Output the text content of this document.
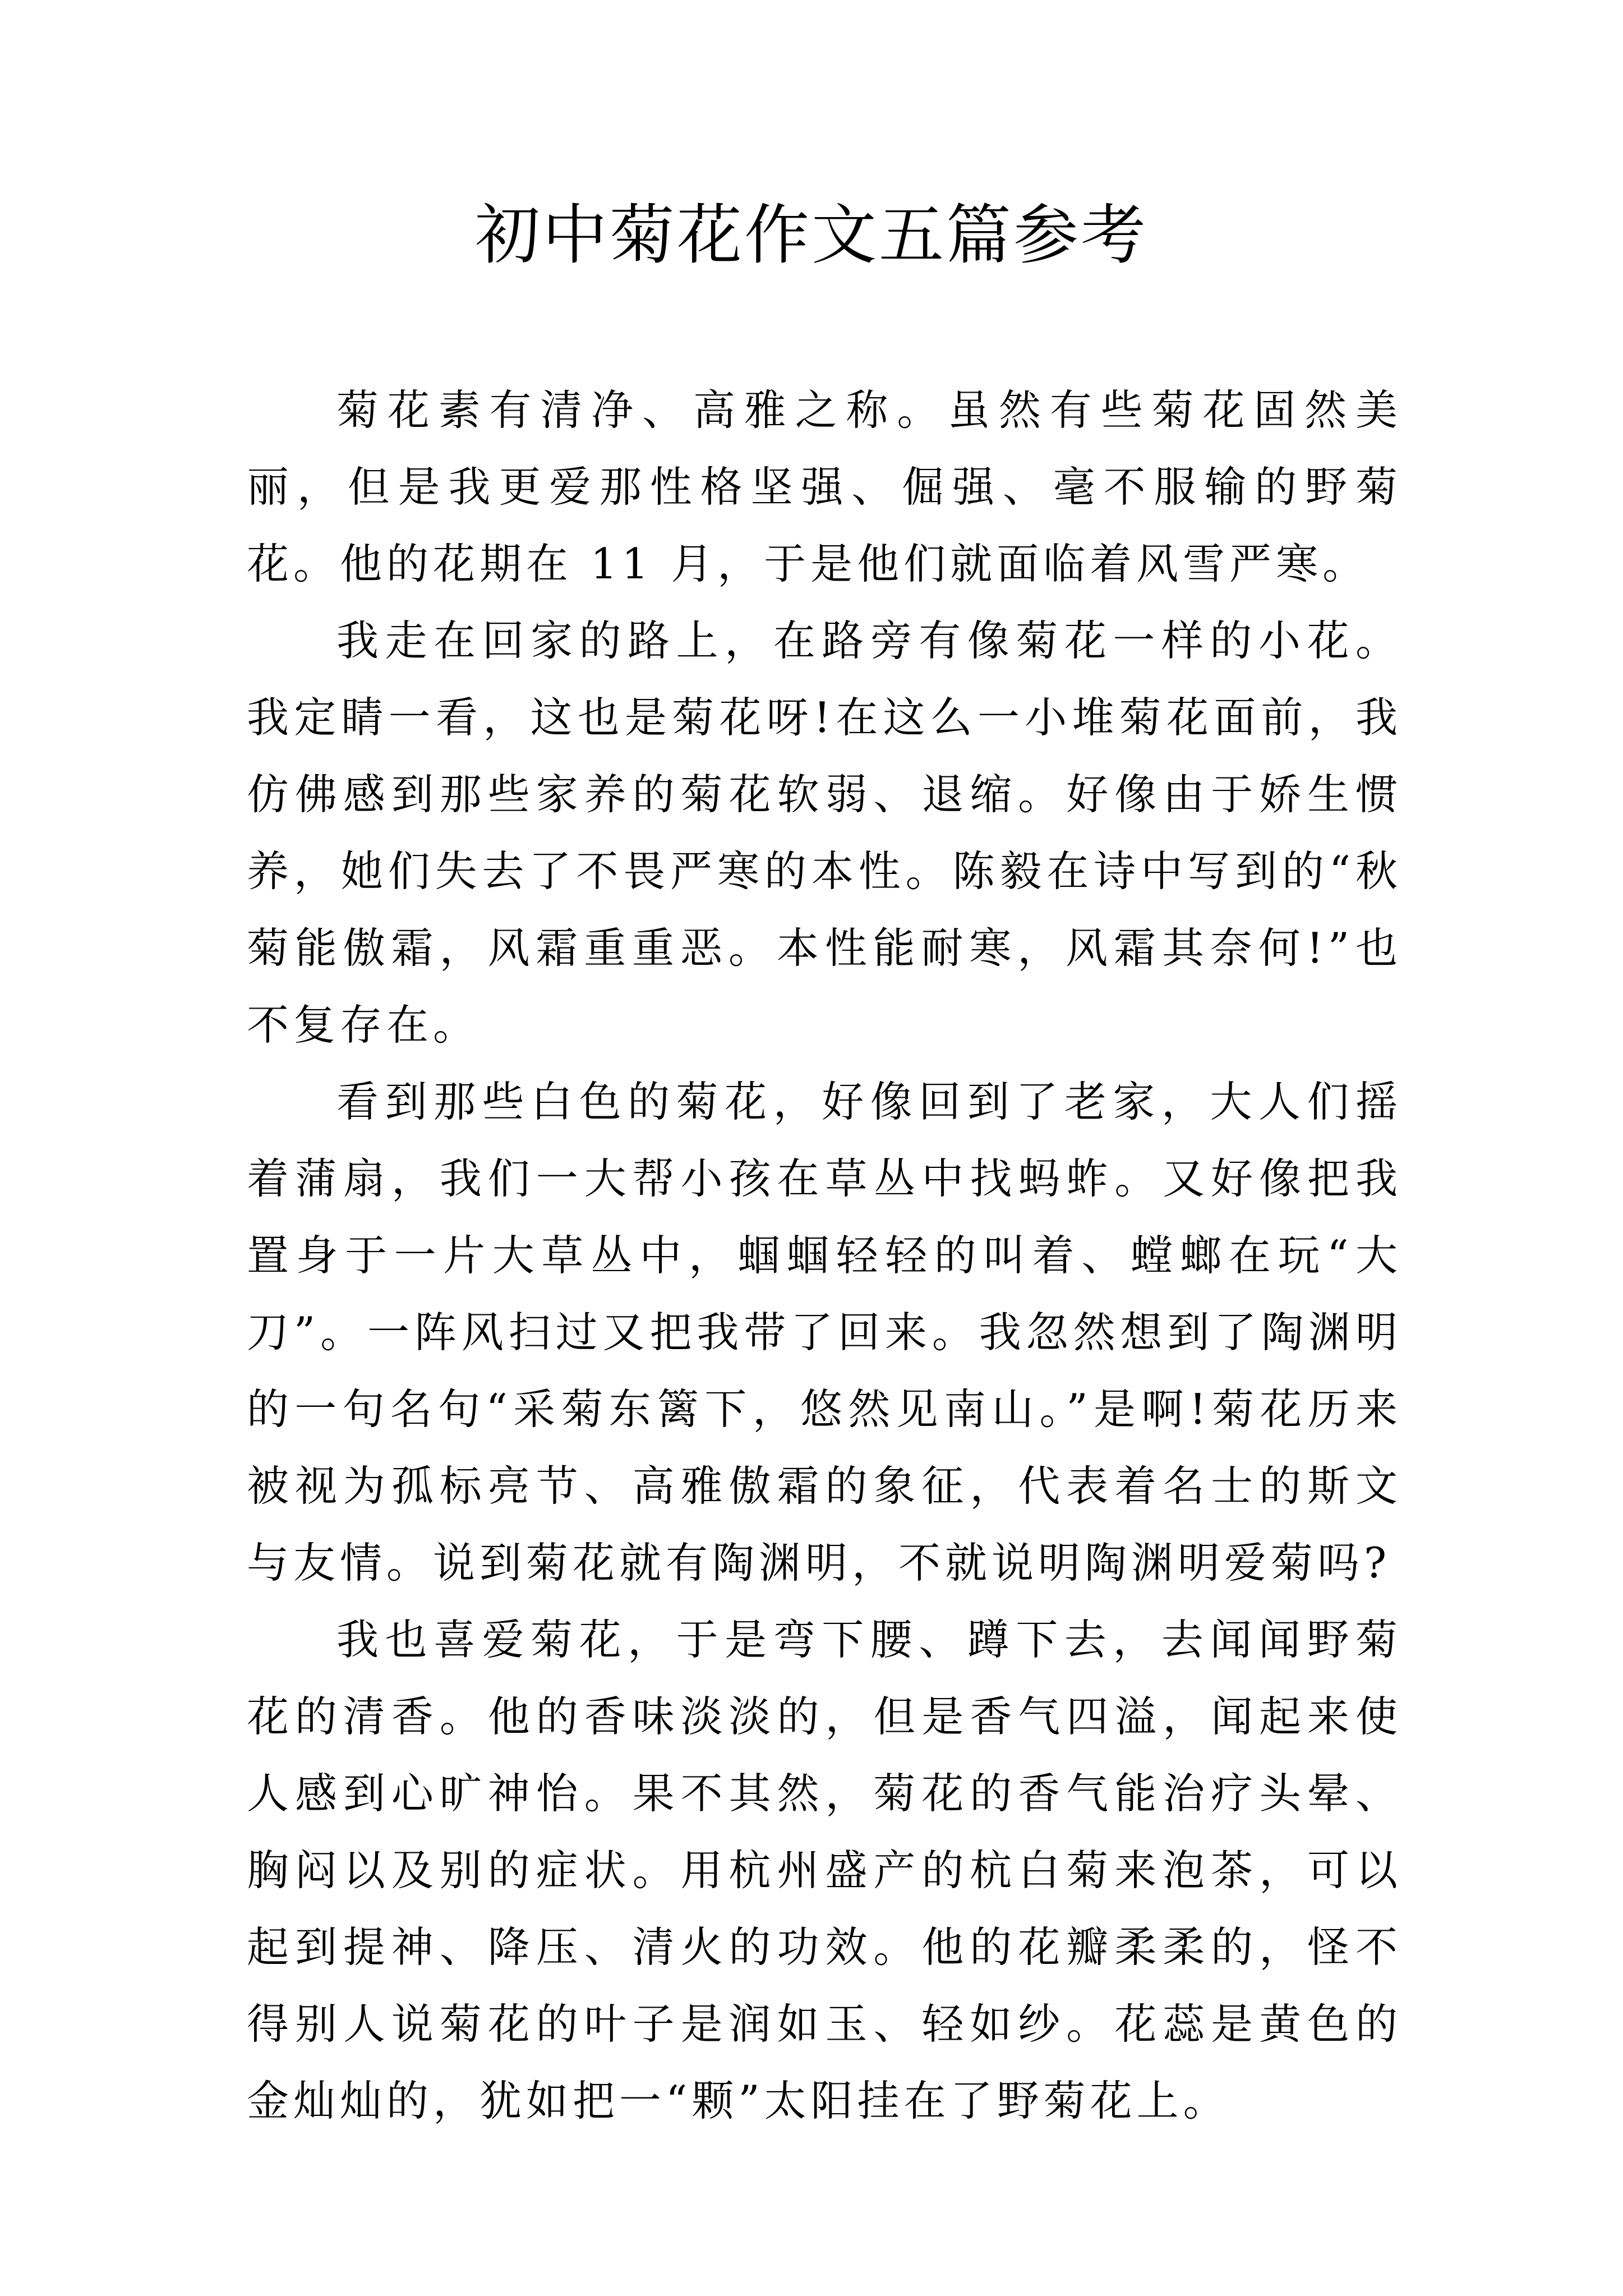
初中菊花作文五篇参考

菊花素有清净、高雅之称。虽然有些菊花固然美丽，但是我更爱那性格坚强、倔强、毫不服输的野菊花。他的花期在 11 月，于是他们就面临着风雪严寒。

我走在回家的路上，在路旁有像菊花一样的小花。我定睛一看，这也是菊花呀!在这么一小堆菊花面前，我仿佛感到那些家养的菊花软弱、退缩。好像由于娇生惯养，她们失去了不畏严寒的本性。陈毅在诗中写到的“秋菊能傲霜，风霜重重恶。本性能耐寒，风霜其奈何!”也不复存在。

看到那些白色的菊花，好像回到了老家，大人们摇着蒲扇，我们一大帮小孩在草丛中找蚂蚱。又好像把我置身于一片大草丛中，蝈蝈轻轻的叫着、螳螂在玩“大刀”。一阵风扫过又把我带了回来。我忽然想到了陶渊明的一句名句“采菊东篱下，悠然见南山。”是啊!菊花历来被视为孤标亮节、高雅傲霜的象征，代表着名士的斯文与友情。说到菊花就有陶渊明，不就说明陶渊明爱菊吗?

我也喜爱菊花，于是弯下腰、蹲下去，去闻闻野菊花的清香。他的香味淡淡的，但是香气四溢，闻起来使人感到心旷神怡。果不其然，菊花的香气能治疗头晕、胸闷以及别的症状。用杭州盛产的杭白菊来泡茶，可以起到提神、降压、清火的功效。他的花瓣柔柔的，怪不得别人说菊花的叶子是润如玉、轻如纱。花蕊是黄色的金灿灿的，犹如把一“颗”太阳挂在了野菊花上。
